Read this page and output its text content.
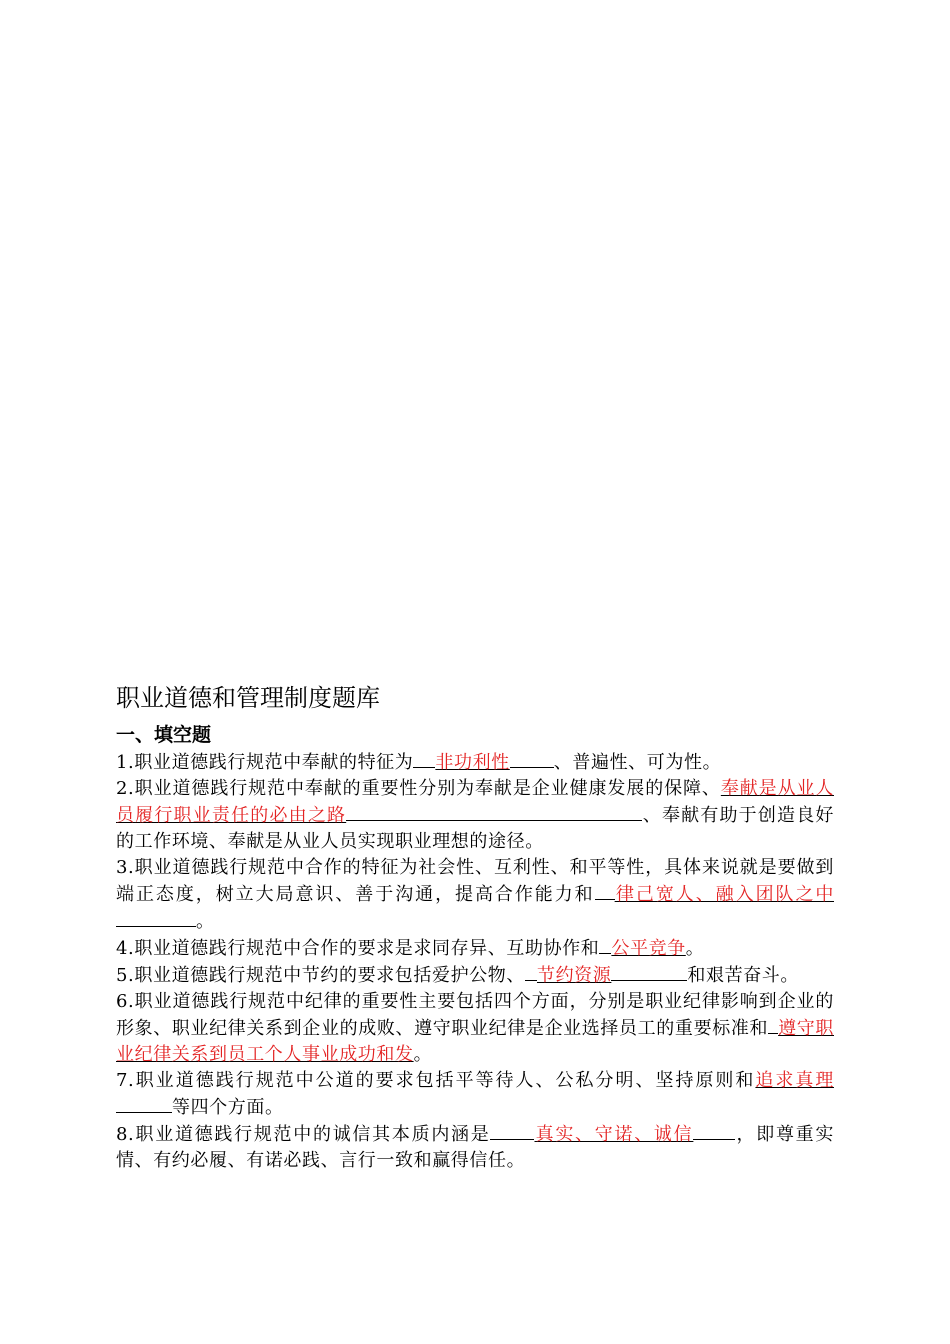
职业道德和管理制度题库
一、填空题

1.职业道德践行规范中奉献的特征为 非功利性 、普遍性、可为性。

2.职业道德践行规范中奉献的重要性分别为奉献是企业健康发展的保障、奉献是从业人员履行职业责任的必由之路	、奉献有助于创造良好的工作环境、奉献是从业人员实现职业理想的途径。

3.职业道德践行规范中合作的特征为社会性、互利性、和平等性，具体来说就是要做到端正态度，树立大局意识、善于沟通，提高合作能力和 律己宽人、融入团队之中。

4.职业道德践行规范中合作的要求是求同存异、互助协作和 公平竞争。

5.职业道德践行规范中节约的要求包括爱护公物、 节约资源	和艰苦奋斗。

6.职业道德践行规范中纪律的重要性主要包括四个方面，分别是职业纪律影响到企业的形象、职业纪律关系到企业的成败、遵守职业纪律是企业选择员工的重要标准和 遵守职业纪律关系到员工个人事业成功和发。

7.职业道德践行规范中公道的要求包括平等待人、公私分明、坚持原则和追求真理等四个方面。

8.职业道德践行规范中的诚信其本质内涵是 真实、守诺、诚信 ，即尊重实情、有约必履、有诺必践、言行一致和赢得信任。
